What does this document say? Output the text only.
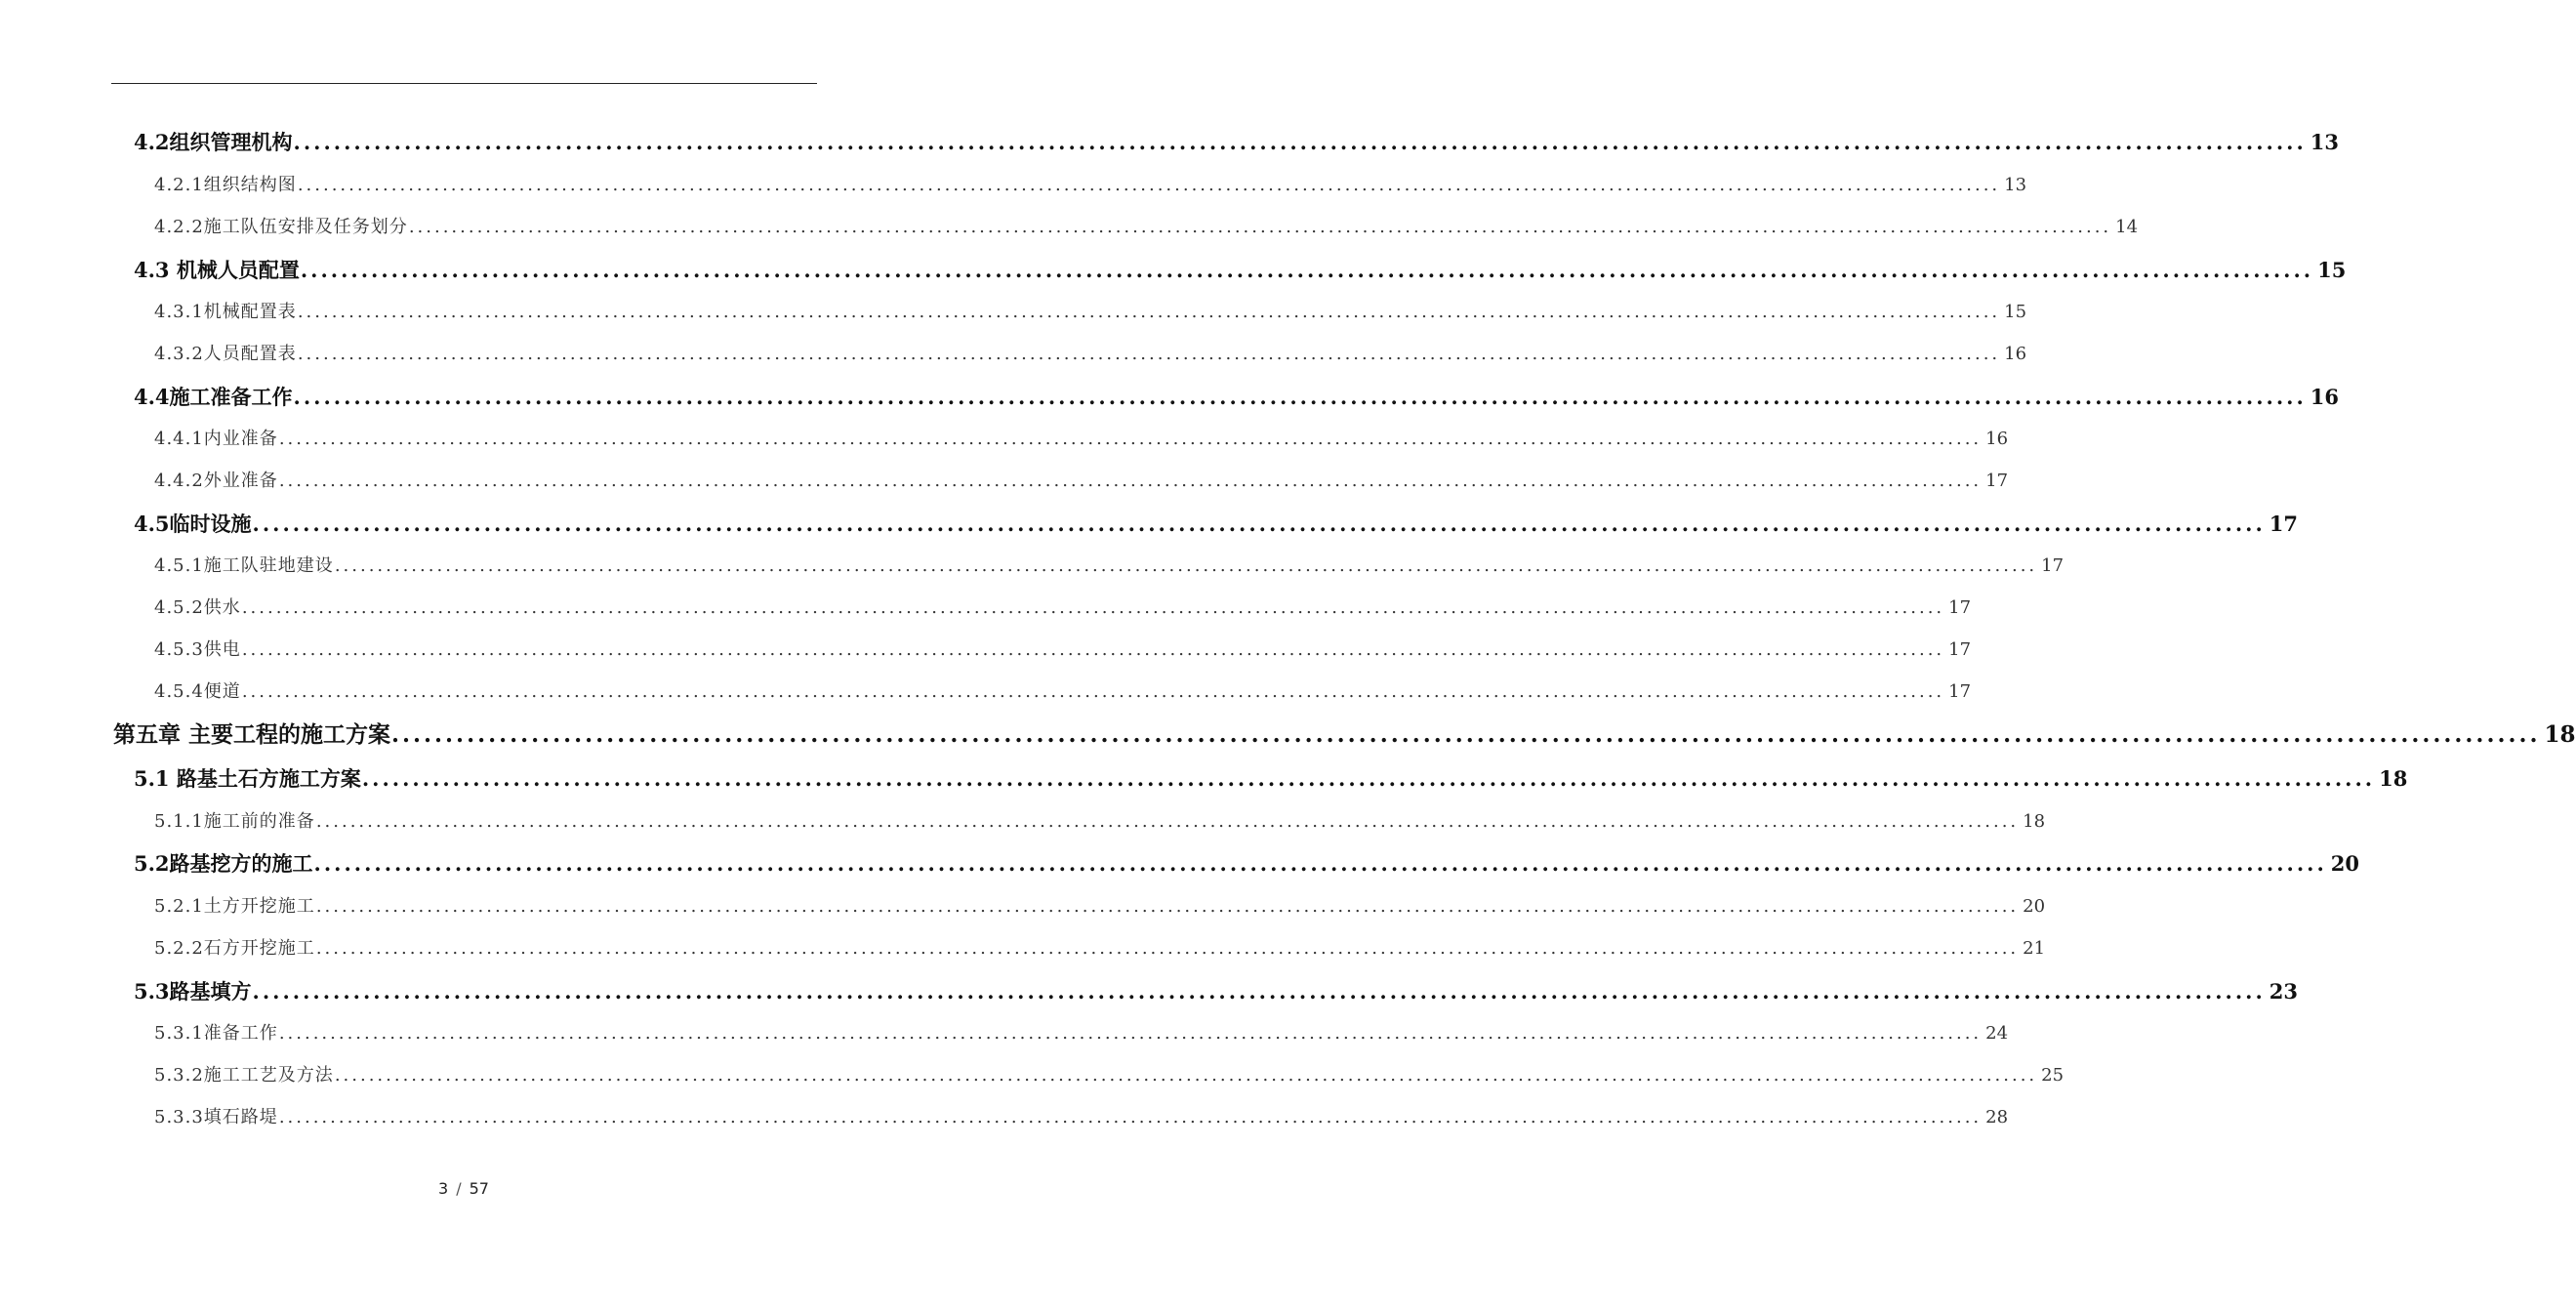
4.2组织管理机构 ........................................................................................................................................................................................................ 13
4.2.1组织结构图 ........................................................................................................................................................................................................ 13
4.2.2施工队伍安排及任务划分 ........................................................................................................................................................................................................ 14
4.3 机械人员配置 ........................................................................................................................................................................................................ 15
4.3.1机械配置表 ........................................................................................................................................................................................................ 15
4.3.2人员配置表 ........................................................................................................................................................................................................ 16
4.4施工准备工作 ........................................................................................................................................................................................................ 16
4.4.1内业准备 ........................................................................................................................................................................................................ 16
4.4.2外业准备 ........................................................................................................................................................................................................ 17
4.5临时设施 ........................................................................................................................................................................................................ 17
4.5.1施工队驻地建设 ........................................................................................................................................................................................................ 17
4.5.2供水 ........................................................................................................................................................................................................ 17
4.5.3供电 ........................................................................................................................................................................................................ 17
4.5.4便道 ........................................................................................................................................................................................................ 17
第五章 主要工程的施工方案 ........................................................................................................................................................................................................ 18
5.1 路基土石方施工方案 ........................................................................................................................................................................................................ 18
5.1.1施工前的准备 ........................................................................................................................................................................................................ 18
5.2路基挖方的施工 ........................................................................................................................................................................................................ 20
5.2.1土方开挖施工 ........................................................................................................................................................................................................ 20
5.2.2石方开挖施工 ........................................................................................................................................................................................................ 21
5.3路基填方 ........................................................................................................................................................................................................ 23
5.3.1准备工作 ........................................................................................................................................................................................................ 24
5.3.2施工工艺及方法 ........................................................................................................................................................................................................ 25
5.3.3填石路堤 ........................................................................................................................................................................................................ 28
3 / 57
